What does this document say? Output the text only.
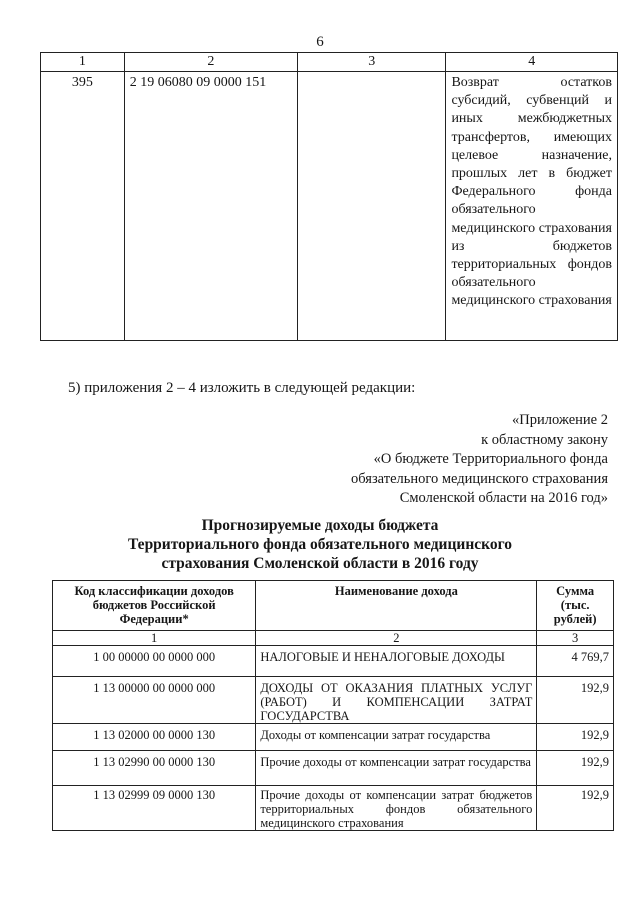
6
1	2	3	4
395	2 19 06080 09 0000 151		Возврат остатков субсидий, субвенций и иных межбюджетных трансфертов, имеющих целевое назначение, прошлых лет в бюджет Федерального фонда обязательного медицинского страхования из бюджетов территориальных фондов обязательного медицинского страхования
5) приложения 2 – 4 изложить в следующей редакции:
«Приложение 2
к областному закону
«О бюджете Территориального фонда
обязательного медицинского страхования
Смоленской области на 2016 год»
Прогнозируемые доходы бюджета
Территориального фонда обязательного медицинского
страхования Смоленской области в 2016 году
Код классификации доходов бюджетов Российской Федерации*	Наименование дохода	Сумма (тыс. рублей)
1	2	3
1 00 00000 00 0000 000	НАЛОГОВЫЕ И НЕНАЛОГОВЫЕ ДОХОДЫ	4 769,7
1 13 00000 00 0000 000	ДОХОДЫ ОТ ОКАЗАНИЯ ПЛАТНЫХ УСЛУГ (РАБОТ) И КОМПЕНСАЦИИ ЗАТРАТ ГОСУДАРСТВА	192,9
1 13 02000 00 0000 130	Доходы от компенсации затрат государства	192,9
1 13 02990 00 0000 130	Прочие доходы от компенсации затрат государства	192,9
1 13 02999 09 0000 130	Прочие доходы от компенсации затрат бюджетов территориальных фондов обязательного медицинского страхования	192,9
